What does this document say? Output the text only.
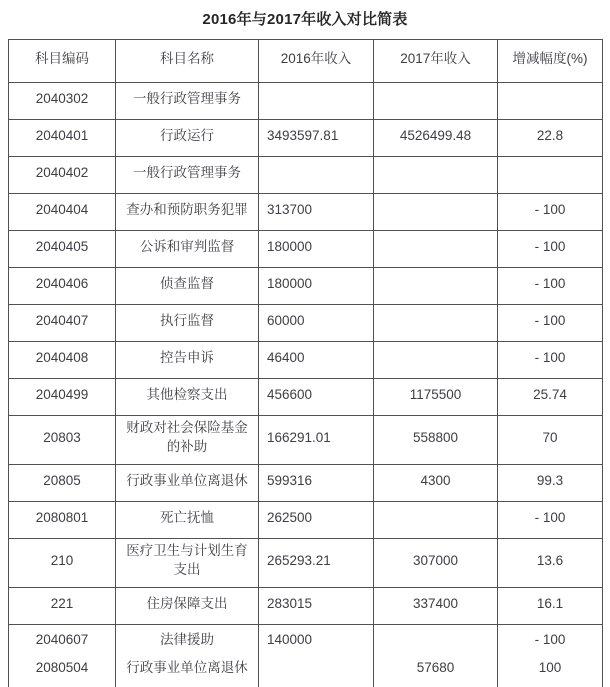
2016年与2017年收入对比简表
科目编码	科目名称	2016年收入	2017年收入	增减幅度(%)
2040302	一般行政管理事务			
2040401	行政运行	3493597.81	4526499.48	22.8
2040402	一般行政管理事务			
2040404	查办和预防职务犯罪	313700		- 100
2040405	公诉和审判监督	180000		- 100
2040406	侦查监督	180000		- 100
2040407	执行监督	60000		- 100
2040408	控告申诉	46400		- 100
2040499	其他检察支出	456600	1175500	25.74
20803	财政对社会保险基金的补助	166291.01	558800	70
20805	行政事业单位离退休	599316	4300	99.3
2080801	死亡抚恤	262500		- 100
210	医疗卫生与计划生育支出	265293.21	307000	13.6
221	住房保障支出	283015	337400	16.1
2040607	法律援助	140000		- 100
2080504	行政事业单位离退休		57680	100
